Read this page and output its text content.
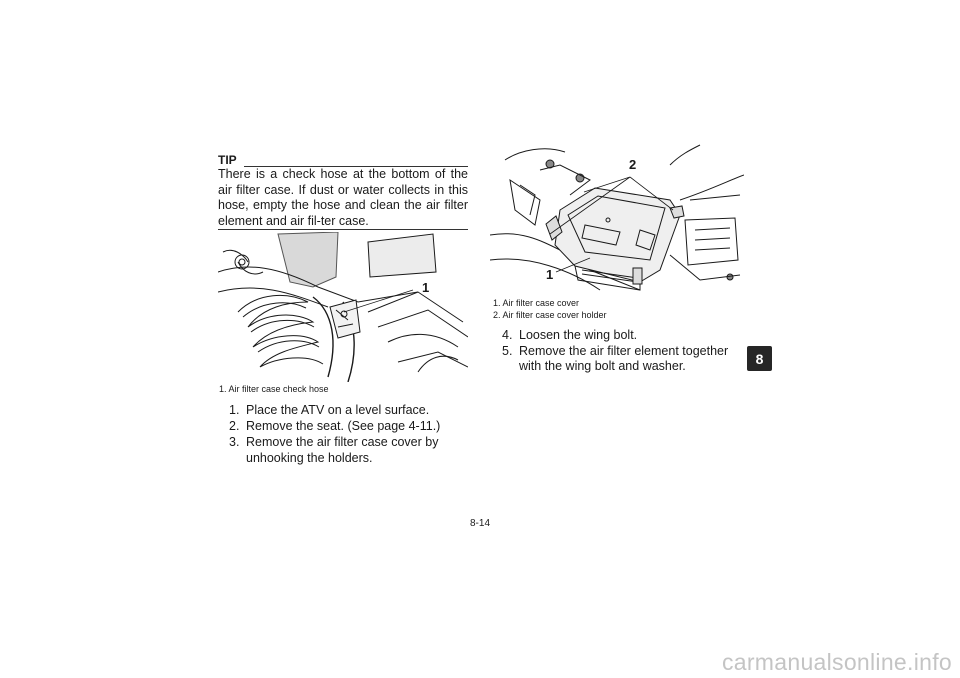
TIP
There is a check hose at the bottom of the air filter case. If dust or water collects in this hose, empty the hose and clean the air filter element and air fil-ter case.
1
1. Air filter case check hose
1. Place the ATV on a level surface.
2. Remove the seat. (See page 4-11.)
3. Remove the air filter case cover by unhooking the holders.
2
1
1. Air filter case cover
2. Air filter case cover holder
4. Loosen the wing bolt.
5. Remove the air filter element together with the wing bolt and washer.	8
8-14
carmanualsonline.info
